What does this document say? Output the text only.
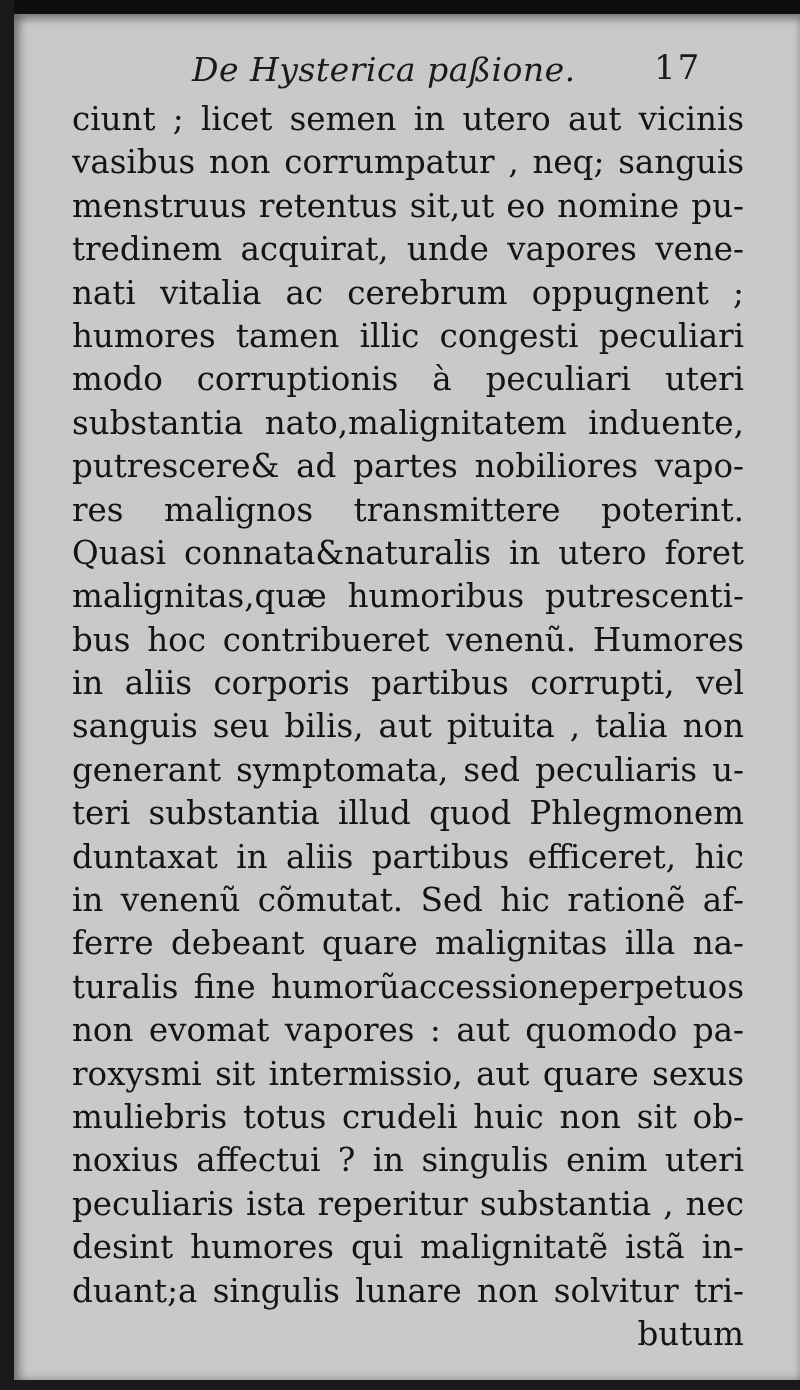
De Hysterica paßione. 17
ciunt ; licet semen in utero aut vicinis
vasibus non corrumpatur , neq; sanguis
menstruus retentus sit,ut eo nomine pu-
tredinem acquirat, unde vapores vene-
nati vitalia ac cerebrum oppugnent ;
humores tamen illic congesti peculiari
modo corruptionis à peculiari uteri
substantia nato,malignitatem induente,
putrescere& ad partes nobiliores vapo-
res malignos transmittere poterint.
Quasi connata&naturalis in utero foret
malignitas,quæ humoribus putrescenti-
bus hoc contribueret venenũ. Humores
in aliis corporis partibus corrupti, vel
sanguis seu bilis, aut pituita , talia non
generant symptomata, sed peculiaris u-
teri substantia illud quod Phlegmonem
duntaxat in aliis partibus efficeret, hic
in venenũ cõmutat. Sed hic rationẽ af-
ferre debeant quare malignitas illa na-
turalis fine humorũaccessioneperpetuos
non evomat vapores : aut quomodo pa-
roxysmi sit intermissio, aut quare sexus
muliebris totus crudeli huic non sit ob-
noxius affectui ? in singulis enim uteri
peculiaris ista reperitur substantia , nec
desint humores qui malignitatẽ istã in-
duant;a singulis lunare non solvitur tri-
butum
